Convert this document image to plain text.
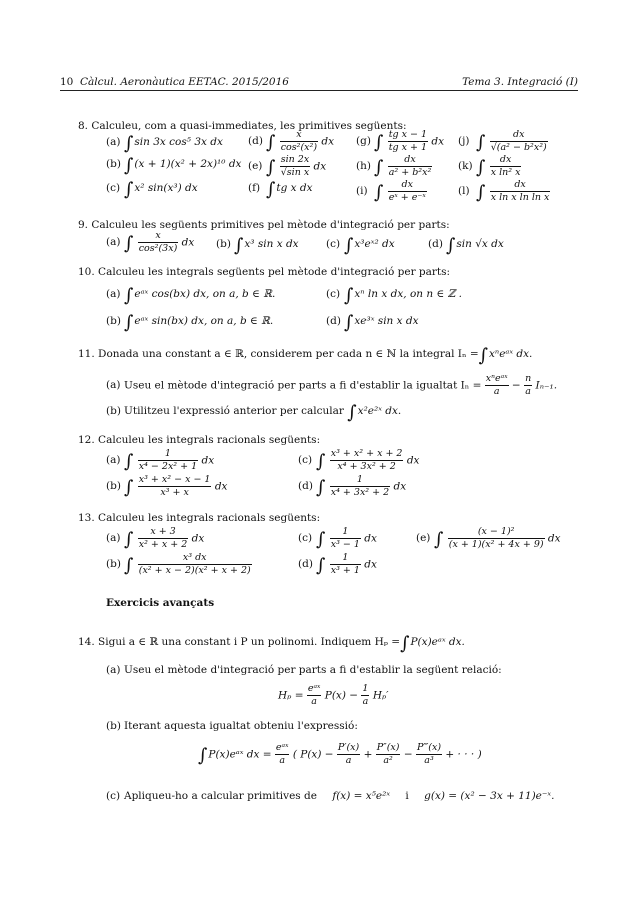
10 Càlcul. Aeronàutica EETAC. 2015/2016	Tema 3. Integració (I)
8. Calculeu, com a quasi-immediates, les primitives següents:
(a) ∫sin 3x cos⁵ 3x dx
(b) ∫(x + 1)(x² + 2x)¹⁰ dx
(c) ∫x² sin(x³) dx
(d) ∫ $\frac{x}{\text{cos²(x²)}}$ dx
(e) ∫ $\frac{\sin 2x}{\text{√sin x}}$ dx
(f) ∫tg x dx
(g) ∫ $\frac{\text{tg x − 1}}{\text{tg x + 1}}$ dx
(h) ∫ $\frac{dx}{\text{a² + b²x²}}$
(i) ∫ $\frac{dx}{\text{eˣ + e⁻ˣ}}$
(j) ∫ $\frac{dx}{\text{√(a² − b²x²)}}$
(k) ∫ $\frac{dx}{\text{x ln² x}}$
(l) ∫ $\frac{dx}{\text{x ln x ln ln x}}$
9. Calculeu les següents primitives pel mètode d'integració per parts:
(a) ∫ $\frac{x}{\text{cos²(3x)}}$ dx (b) ∫x³ sin x dx	(c) ∫x³eˣ² dx	(d) ∫sin √x dx
10. Calculeu les integrals següents pel mètode d'integració per parts:
(a) ∫eᵃˣ cos(bx) dx, on a, b ∈ ℝ.
(b) ∫eᵃˣ sin(bx) dx, on a, b ∈ ℝ.
(c) ∫xⁿ ln x dx, on n ∈ ℤ .
(d) ∫xe³ˣ sin x dx
11. Donada una constant a ∈ ℝ, considerem per cada n ∈ ℕ la integral Iₙ =∫xⁿeᵃˣ dx.
(a) Useu el mètode d'integració per parts a fi d'establir la igualtat $I_n = \frac{\text{xⁿeᵃˣ}}{a} - \frac{n}{a} I_{n-1}$.
(b) Utilitzeu l'expressió anterior per calcular ∫x²e²ˣ dx.
12. Calculeu les integrals racionals següents:
(a) ∫ $\frac{1}{\text{x⁴ − 2x² + 1}}$ dx
(b) ∫ $\frac{\text{x³ + x² − x − 1}}{\text{x³ + x}}$ dx
(c) ∫ $\frac{\text{x³ + x² + x + 2}}{\text{x⁴ + 3x² + 2}}$ dx
(d) ∫ $\frac{1}{\text{x⁴ + 3x² + 2}}$ dx
13. Calculeu les integrals racionals següents:
(a) ∫ $\frac{x + 3}{\text{x² + x + 2}}$ dx
(b) ∫ $\frac{\text{x³ dx}}{\text{(x² + x − 2)(x² + x + 2)}}$
(c) ∫ $\frac{1}{\text{x³ − 1}}$ dx
(d) ∫ $\frac{1}{\text{x³ + 1}}$ dx
(e) ∫ $\frac{\text{(x − 1)²}}{\text{(x + 1)(x² + 4x + 9)}}$ dx
Exercicis avançats
14. Sigui a ∈ ℝ una constant i P un polinomi. Indiquem Hₚ =∫P(x)eᵃˣ dx.
(a) Useu el mètode d'integració per parts a fi d'establir la següent relació:
$H_p = \frac{\text{eᵃˣ}}{a} P(x) - \frac{1}{a} H_p'$
(b) Iterant aquesta igualtat obteniu l'expressió:
∫P(x)eᵃˣ dx = $\frac{\text{eᵃˣ}}{a}$ ( $P(x) - \frac{P'(x)}{a} + \frac{P''(x)}{\text{a²}} - \frac{P‴(x)}{\text{a³}}$ + · · · )
(c) Apliqueu-ho a calcular primitives de f(x) = x⁵e²ˣ i g(x) = (x² − 3x + 11)e⁻ˣ.
